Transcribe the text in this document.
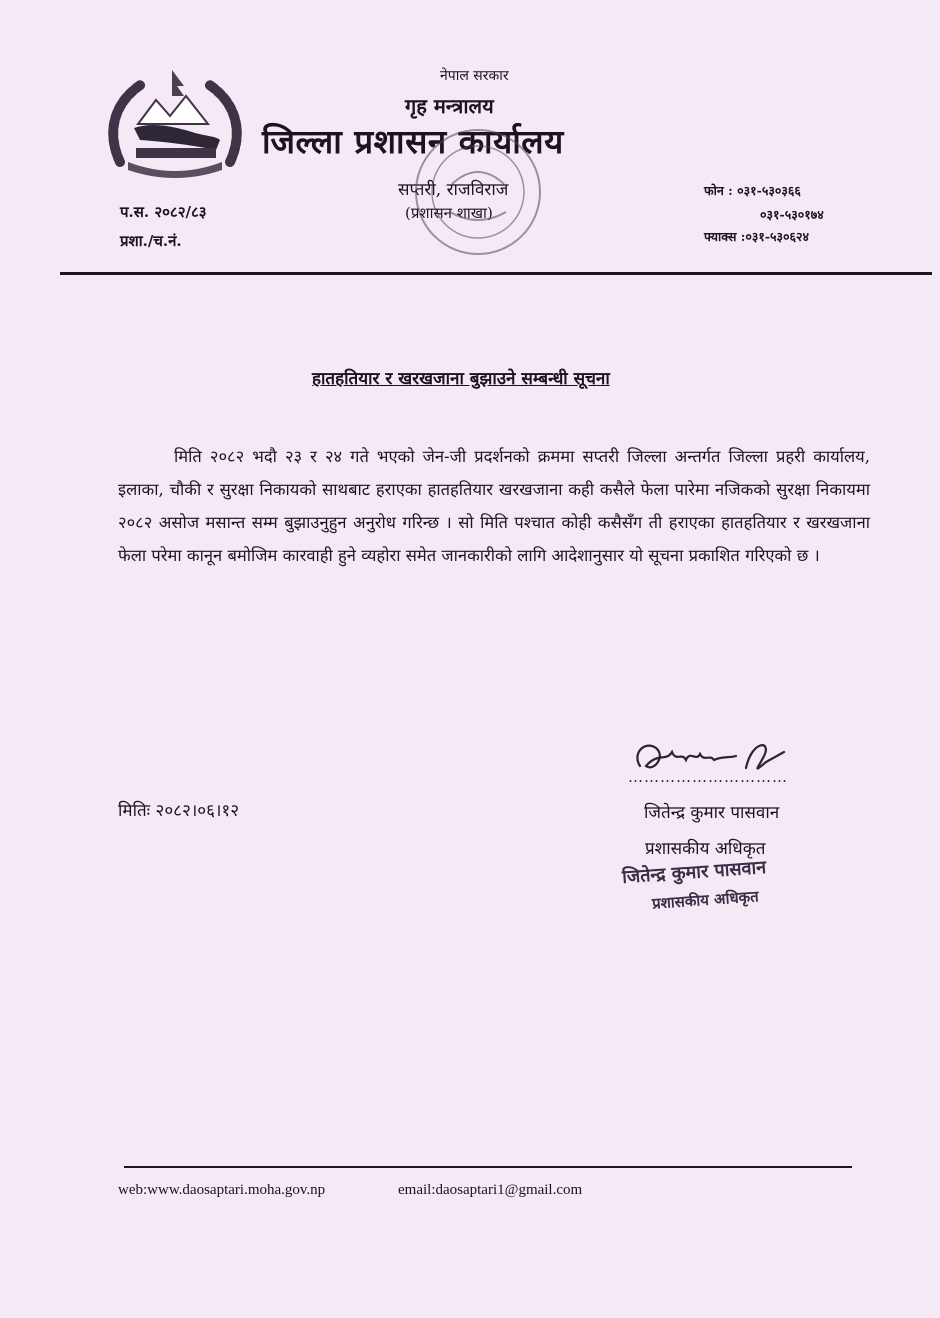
नेपाल सरकार
गृह मन्त्रालय
जिल्ला प्रशासन कार्यालय
सप्तरी, राजविराज
(प्रशासन शाखा)
प.स. २०८२/८३
प्रशा./च.नं.
फोन : ०३१-५३०३६६
०३१-५३०१७४
फ्याक्स :०३१-५३०६२४
हातहतियार र खरखजाना बुझाउने सम्बन्धी सूचना
मिति २०८२ भदौ २३ र २४ गते भएको जेन-जी प्रदर्शनको क्रममा सप्तरी जिल्ला अन्तर्गत जिल्ला प्रहरी कार्यालय, इलाका, चौकी र सुरक्षा निकायको साथबाट हराएका हातहतियार खरखजाना कही कसैले फेला पारेमा नजिकको सुरक्षा निकायमा २०८२ असोज मसान्त सम्म बुझाउनुहुन अनुरोध गरिन्छ । सो मिति पश्चात कोही कसैसँग ती हराएका हातहतियार र खरखजाना फेला परेमा कानून बमोजिम कारवाही हुने व्यहोरा समेत जानकारीको लागि आदेशानुसार यो सूचना प्रकाशित गरिएको छ ।
मितिः २०८२।०६।१२
…………………………
जितेन्द्र कुमार पासवान
प्रशासकीय अधिकृत
जितेन्द्र कुमार पासवान
प्रशासकीय अधिकृत
web:www.daosaptari.moha.gov.np	email:daosaptari1@gmail.com
